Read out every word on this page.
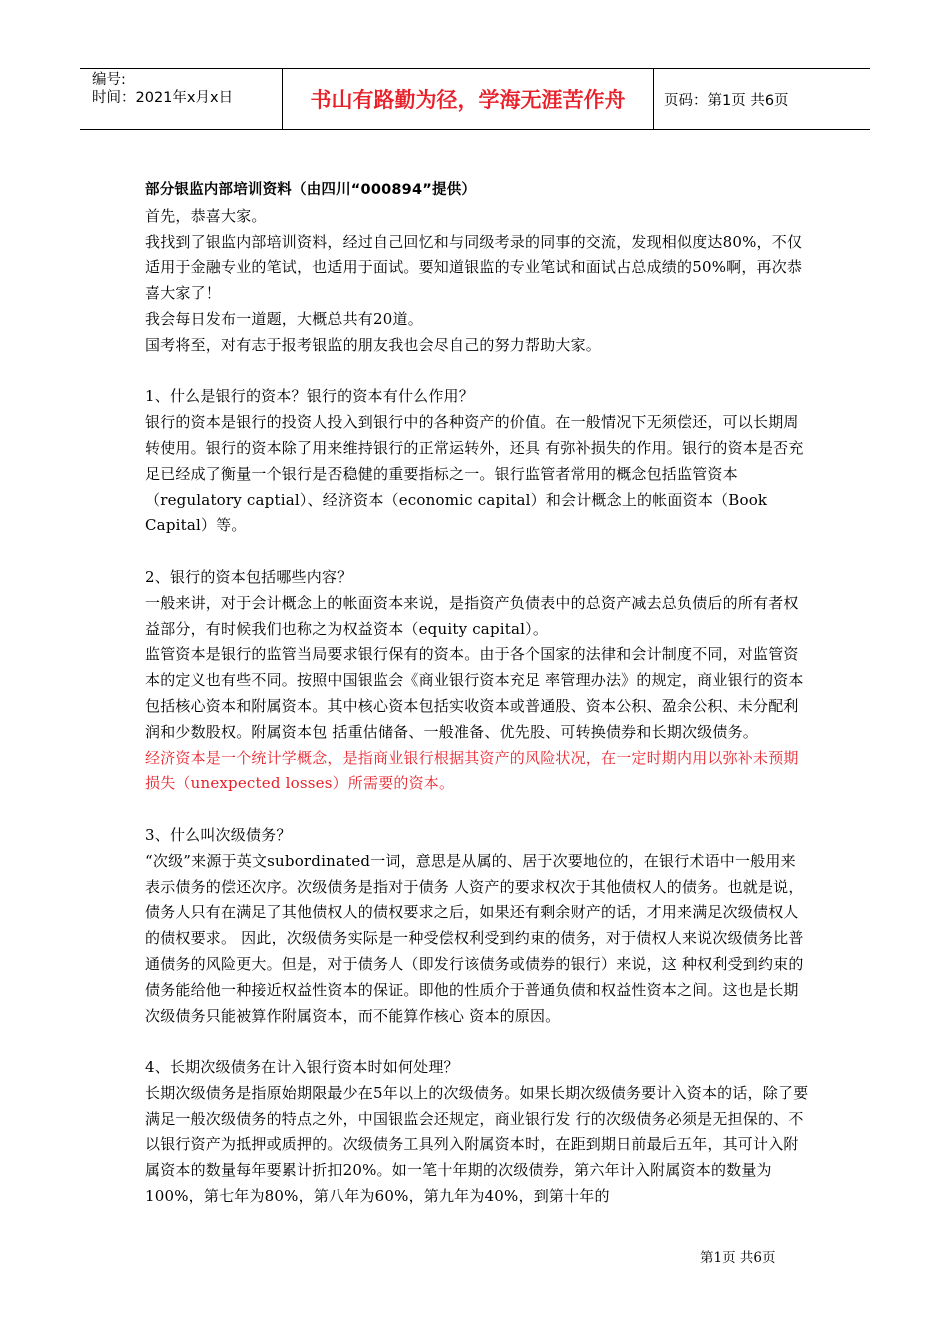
编号:
时间：2021年x月x日	书山有路勤为径，学海无涯苦作舟	页码：第1页 共6页

部分银监内部培训资料（由四川“000894”提供）

首先，恭喜大家。

我找到了银监内部培训资料，经过自己回忆和与同级考录的同事的交流，发现相似度达80%，不仅适用于金融专业的笔试，也适用于面试。要知道银监的专业笔试和面试占总成绩的50%啊，再次恭喜大家了！

我会每日发布一道题，大概总共有20道。

国考将至，对有志于报考银监的朋友我也会尽自己的努力帮助大家。

1、什么是银行的资本？银行的资本有什么作用？

银行的资本是银行的投资人投入到银行中的各种资产的价值。在一般情况下无须偿还，可以长期周转使用。银行的资本除了用来维持银行的正常运转外，还具 有弥补损失的作用。银行的资本是否充足已经成了衡量一个银行是否稳健的重要指标之一。银行监管者常用的概念包括监管资本（regulatory captial）、经济资本（economic capital）和会计概念上的帐面资本（Book Capital）等。

2、银行的资本包括哪些内容？

一般来讲，对于会计概念上的帐面资本来说，是指资产负债表中的总资产减去总负债后的所有者权益部分，有时候我们也称之为权益资本（equity capital）。

监管资本是银行的监管当局要求银行保有的资本。由于各个国家的法律和会计制度不同，对监管资本的定义也有些不同。按照中国银监会《商业银行资本充足 率管理办法》的规定，商业银行的资本包括核心资本和附属资本。其中核心资本包括实收资本或普通股、资本公积、盈余公积、未分配利润和少数股权。附属资本包 括重估储备、一般准备、优先股、可转换债券和长期次级债务。

经济资本是一个统计学概念，是指商业银行根据其资产的风险状况，在一定时期内用以弥补未预期损失（unexpected losses）所需要的资本。

3、什么叫次级债务？

“次级”来源于英文subordinated一词，意思是从属的、居于次要地位的，在银行术语中一般用来表示债务的偿还次序。次级债务是指对于债务 人资产的要求权次于其他债权人的债务。也就是说，债务人只有在满足了其他债权人的债权要求之后，如果还有剩余财产的话，才用来满足次级债权人的债权要求。 因此，次级债务实际是一种受偿权利受到约束的债务，对于债权人来说次级债务比普通债务的风险更大。但是，对于债务人（即发行该债务或债券的银行）来说，这 种权利受到约束的债务能给他一种接近权益性资本的保证。即他的性质介于普通负债和权益性资本之间。这也是长期次级债务只能被算作附属资本，而不能算作核心 资本的原因。

4、长期次级债务在计入银行资本时如何处理？

长期次级债务是指原始期限最少在5年以上的次级债务。如果长期次级债务要计入资本的话，除了要满足一般次级债务的特点之外，中国银监会还规定，商业银行发 行的次级债务必须是无担保的、不以银行资产为抵押或质押的。次级债务工具列入附属资本时，在距到期日前最后五年，其可计入附属资本的数量每年要累计折扣20%。如一笔十年期的次级债券，第六年计入附属资本的数量为100%，第七年为80%，第八年为60%，第九年为40%，到第十年的

第1页 共6页
